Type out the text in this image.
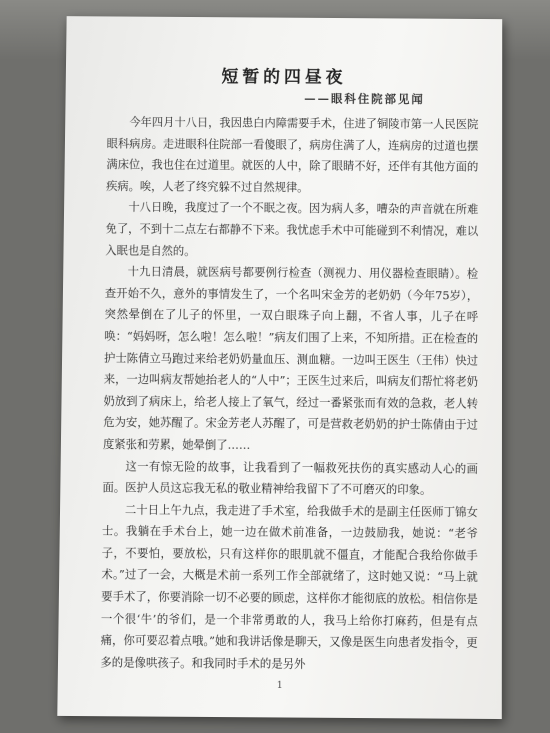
短暂的四昼夜
——眼科住院部见闻

今年四月十八日，我因患白内障需要手术，住进了铜陵市第一人民医院眼科病房。走进眼科住院部一看傻眼了，病房住满了人，连病房的过道也摆满床位，我也住在过道里。就医的人中，除了眼睛不好，还伴有其他方面的疾病。唉，人老了终究躲不过自然规律。

十八日晚，我度过了一个不眠之夜。因为病人多，嘈杂的声音就在所难免了，不到十二点左右都静不下来。我忧虑手术中可能碰到不利情况，难以入眠也是自然的。

十九日清晨，就医病号都要例行检查（测视力、用仪器检查眼睛）。检查开始不久，意外的事情发生了，一个名叫宋金芳的老奶奶（今年75岁），突然晕倒在了儿子的怀里，一双白眼珠子向上翻，不省人事，儿子在呼唤：“妈妈呀，怎么啦！怎么啦！”病友们围了上来，不知所措。正在检查的护士陈倩立马跑过来给老奶奶量血压、测血糖。一边叫王医生（王伟）快过来，一边叫病友帮她抬老人的“人中”；王医生过来后，叫病友们帮忙将老奶奶放到了病床上，给老人接上了氧气，经过一番紧张而有效的急救，老人转危为安，她苏醒了。宋金芳老人苏醒了，可是营救老奶奶的护士陈倩由于过度紧张和劳累，她晕倒了……

这一有惊无险的故事，让我看到了一幅救死扶伤的真实感动人心的画面。医护人员这忘我无私的敬业精神给我留下了不可磨灭的印象。

二十日上午九点，我走进了手术室，给我做手术的是副主任医师丁锦女士。我躺在手术台上，她一边在做术前准备，一边鼓励我，她说：“老爷子，不要怕，要放松，只有这样你的眼肌就不僵直，才能配合我给你做手术。”过了一会，大概是术前一系列工作全部就绪了，这时她又说：“马上就要手术了，你要消除一切不必要的顾虑，这样你才能彻底的放松。相信你是一个很‘牛’的爷们，是一个非常勇敢的人，我马上给你打麻药，但是有点痛，你可要忍着点哦。”她和我讲话像是聊天，又像是医生向患者发指令，更多的是像哄孩子。和我同时手术的是另外

1
